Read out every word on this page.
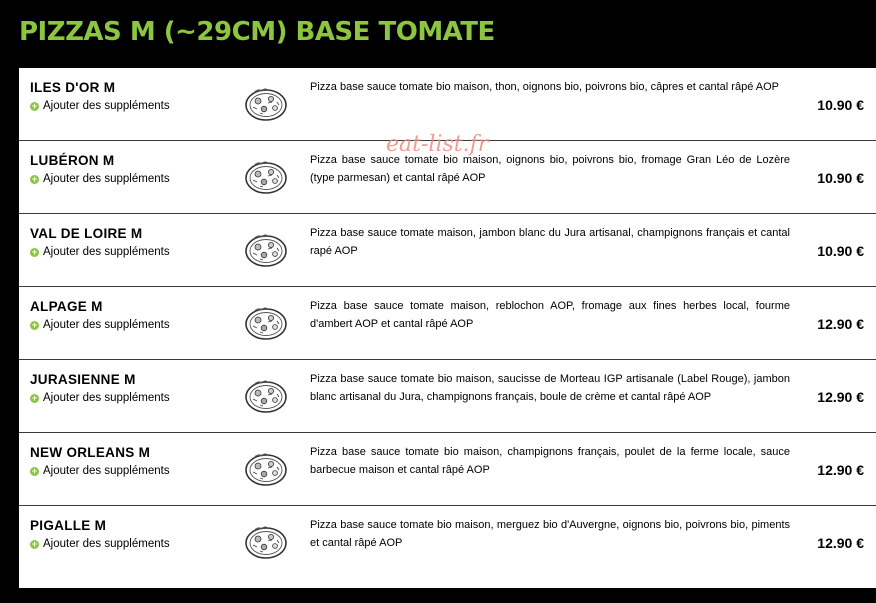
PIZZAS M (~29CM) BASE TOMATE
ILES D'OR M
+ Ajouter des suppléments
Pizza base sauce tomate bio maison, thon, oignons bio, poivrons bio, câpres et cantal râpé AOP
10.90 €
LUBÉRON M
+ Ajouter des suppléments
Pizza base sauce tomate bio maison, oignons bio, poivrons bio, fromage Gran Léo de Lozère (type parmesan) et cantal râpé AOP	10.90 €
VAL DE LOIRE M
+ Ajouter des suppléments
Pizza base sauce tomate maison, jambon blanc du Jura artisanal, champignons français et cantal rapé AOP	10.90 €
ALPAGE M
+ Ajouter des suppléments
Pizza base sauce tomate maison, reblochon AOP, fromage aux fines herbes local, fourme d'ambert AOP et cantal râpé AOP	12.90 €
JURASIENNE M
+ Ajouter des suppléments
Pizza base sauce tomate bio maison, saucisse de Morteau IGP artisanale (Label Rouge), jambon blanc artisanal du Jura, champignons français, boule de crème et cantal râpé AOP	12.90 €
NEW ORLEANS M
+ Ajouter des suppléments
Pizza base sauce tomate bio maison, champignons français, poulet de la ferme locale, sauce barbecue maison et cantal râpé AOP	12.90 €
PIGALLE M
+ Ajouter des suppléments
Pizza base sauce tomate bio maison, merguez bio d'Auvergne, oignons bio, poivrons bio, piments et cantal râpé AOP	12.90 €
eat-list.fr
